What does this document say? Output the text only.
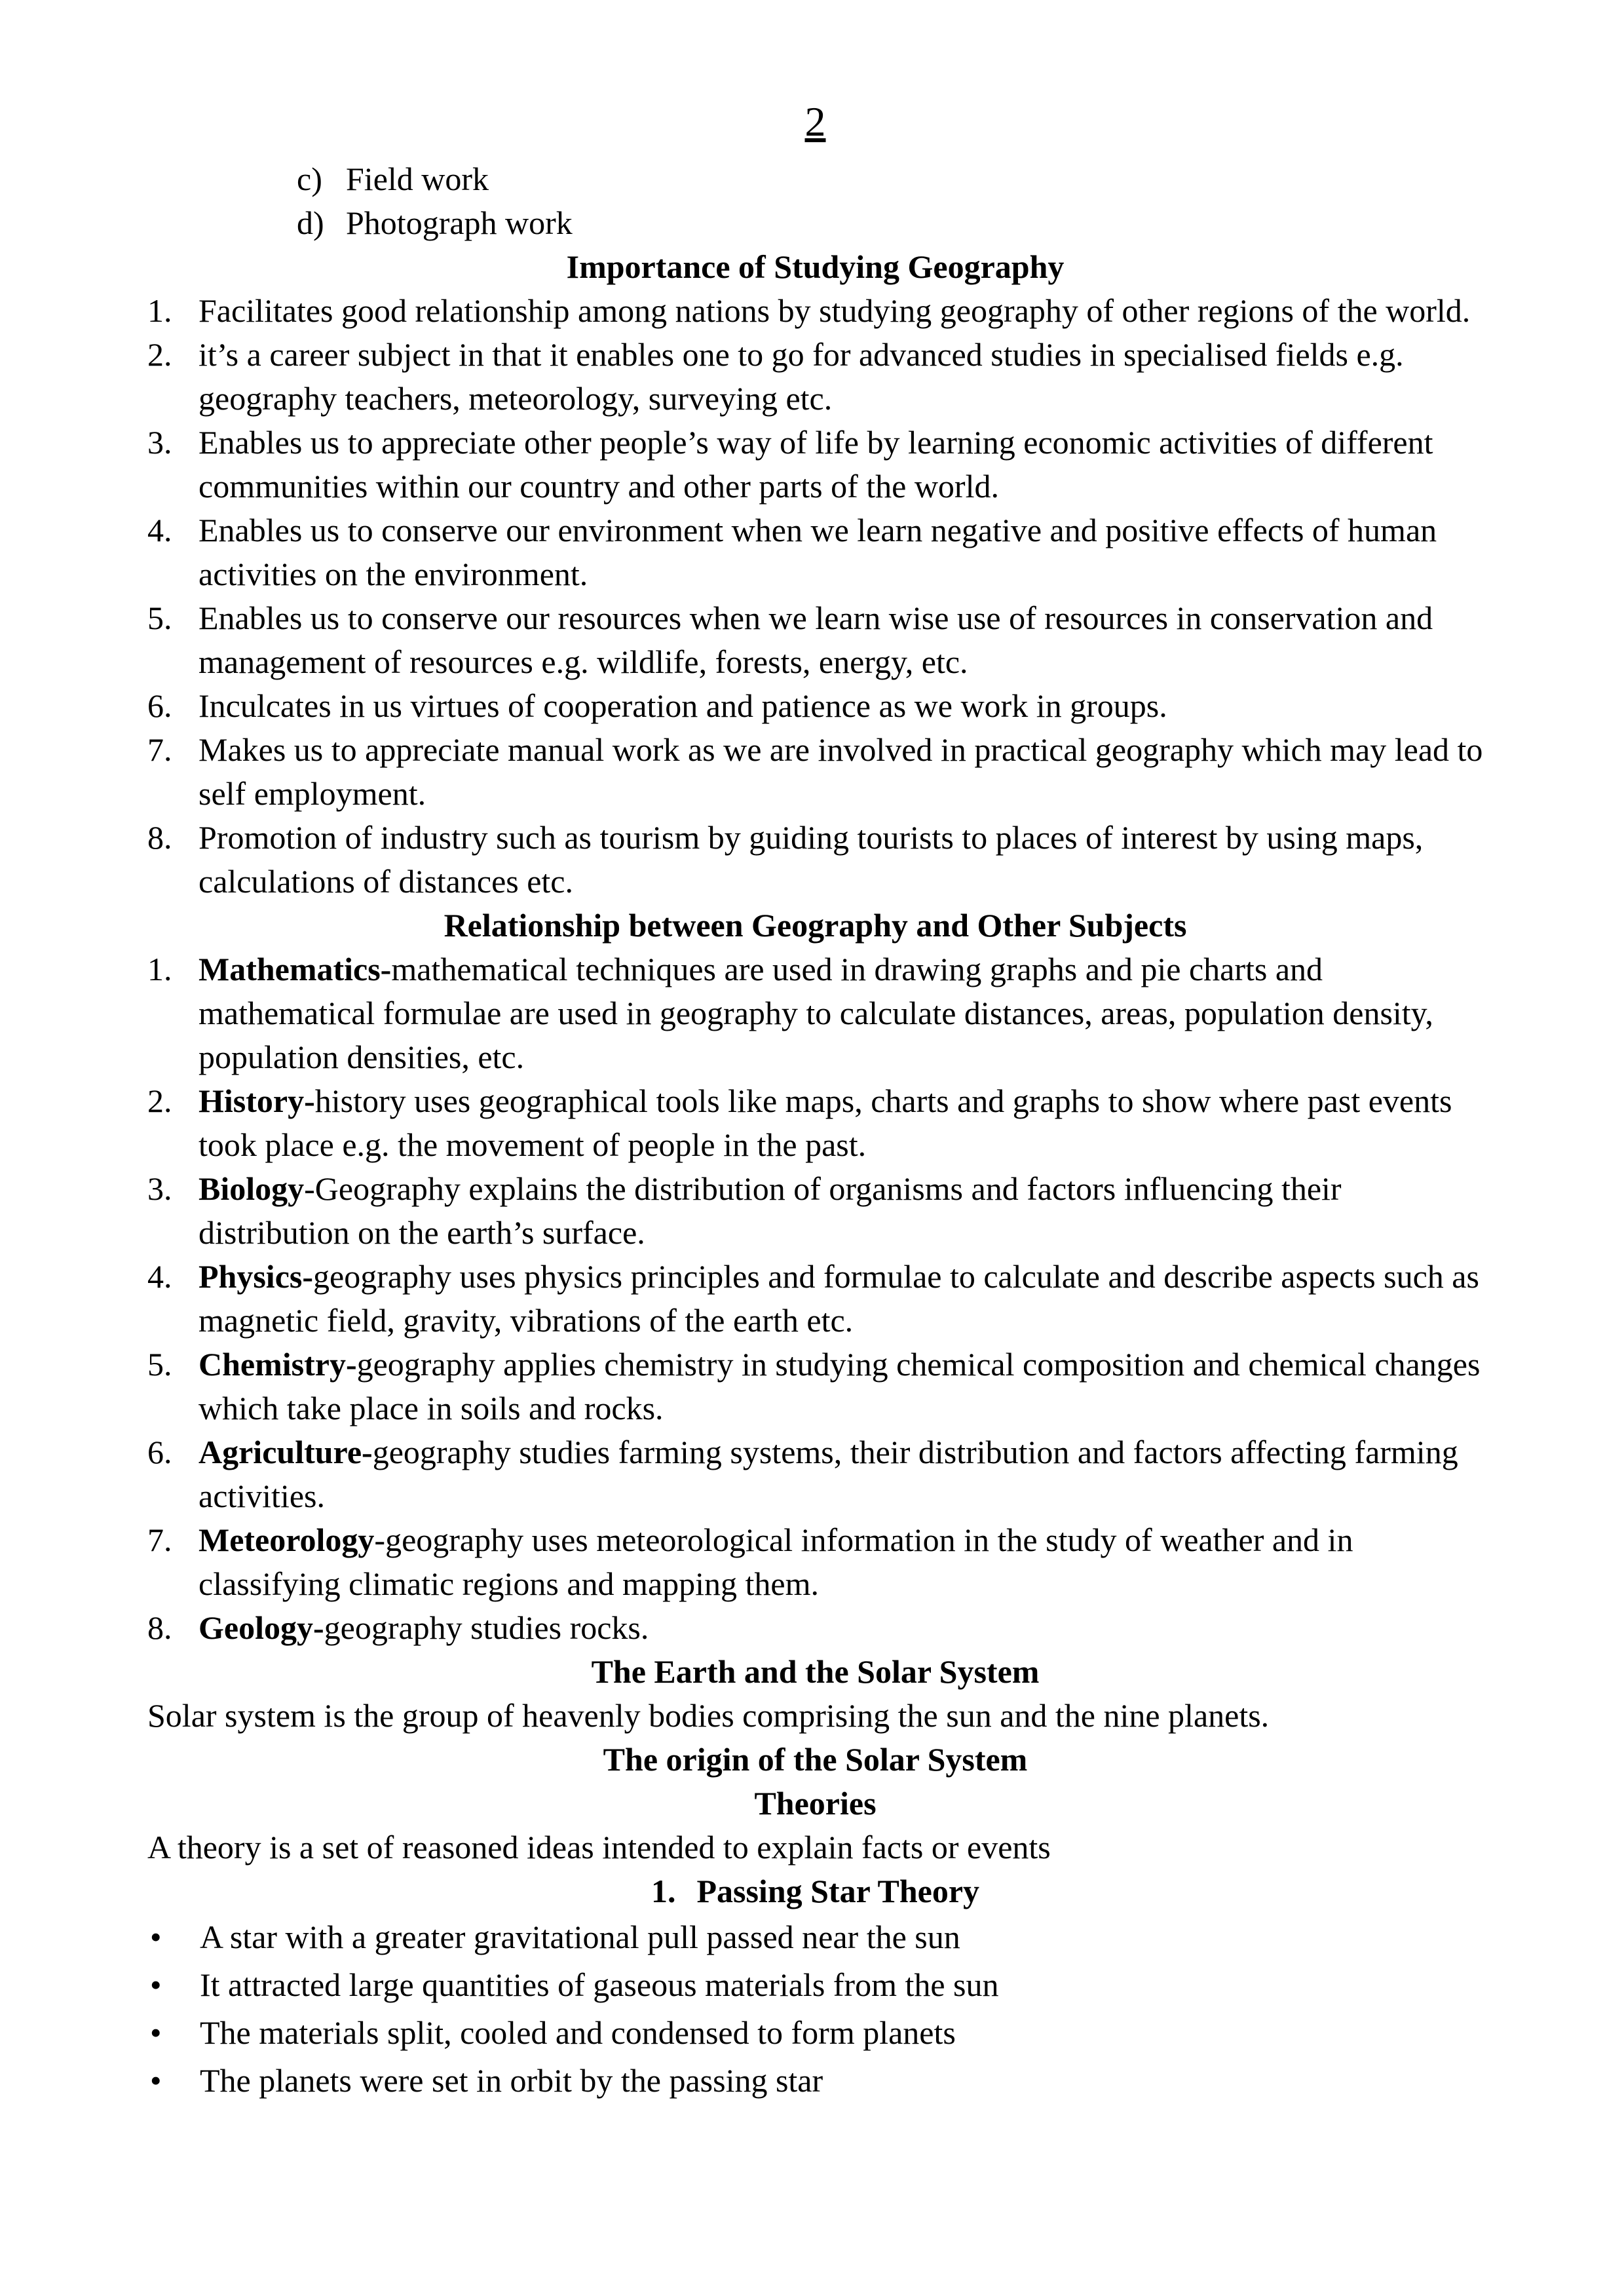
2
c) Field work
d) Photograph work
Importance of Studying Geography
1. Facilitates good relationship among nations by studying geography of other regions of the world.
2. it’s a career subject in that it enables one to go for advanced studies in specialised fields e.g. geography teachers, meteorology, surveying etc.
3. Enables us to appreciate other people’s way of life by learning economic activities of different communities within our country and other parts of the world.
4. Enables us to conserve our environment when we learn negative and positive effects of human activities on the environment.
5. Enables us to conserve our resources when we learn wise use of resources in conservation and management of resources e.g. wildlife, forests, energy, etc.
6. Inculcates in us virtues of cooperation and patience as we work in groups.
7. Makes us to appreciate manual work as we are involved in practical geography which may lead to self employment.
8. Promotion of industry such as tourism by guiding tourists to places of interest by using maps, calculations of distances etc.
Relationship between Geography and Other Subjects
1. Mathematics-mathematical techniques are used in drawing graphs and pie charts and mathematical formulae are used in geography to calculate distances, areas, population density, population densities, etc.
2. History-history uses geographical tools like maps, charts and graphs to show where past events took place e.g. the movement of people in the past.
3. Biology-Geography explains the distribution of organisms and factors influencing their distribution on the earth’s surface.
4. Physics-geography uses physics principles and formulae to calculate and describe aspects such as magnetic field, gravity, vibrations of the earth etc.
5. Chemistry-geography applies chemistry in studying chemical composition and chemical changes which take place in soils and rocks.
6. Agriculture-geography studies farming systems, their distribution and factors affecting farming activities.
7. Meteorology-geography uses meteorological information in the study of weather and in classifying climatic regions and mapping them.
8. Geology-geography studies rocks.
The Earth and the Solar System
Solar system is the group of heavenly bodies comprising the sun and the nine planets.
The origin of the Solar System
Theories
A theory is a set of reasoned ideas intended to explain facts or events
1. Passing Star Theory
• A star with a greater gravitational pull passed near the sun
• It attracted large quantities of gaseous materials from the sun
• The materials split, cooled and condensed to form planets
• The planets were set in orbit by the passing star
